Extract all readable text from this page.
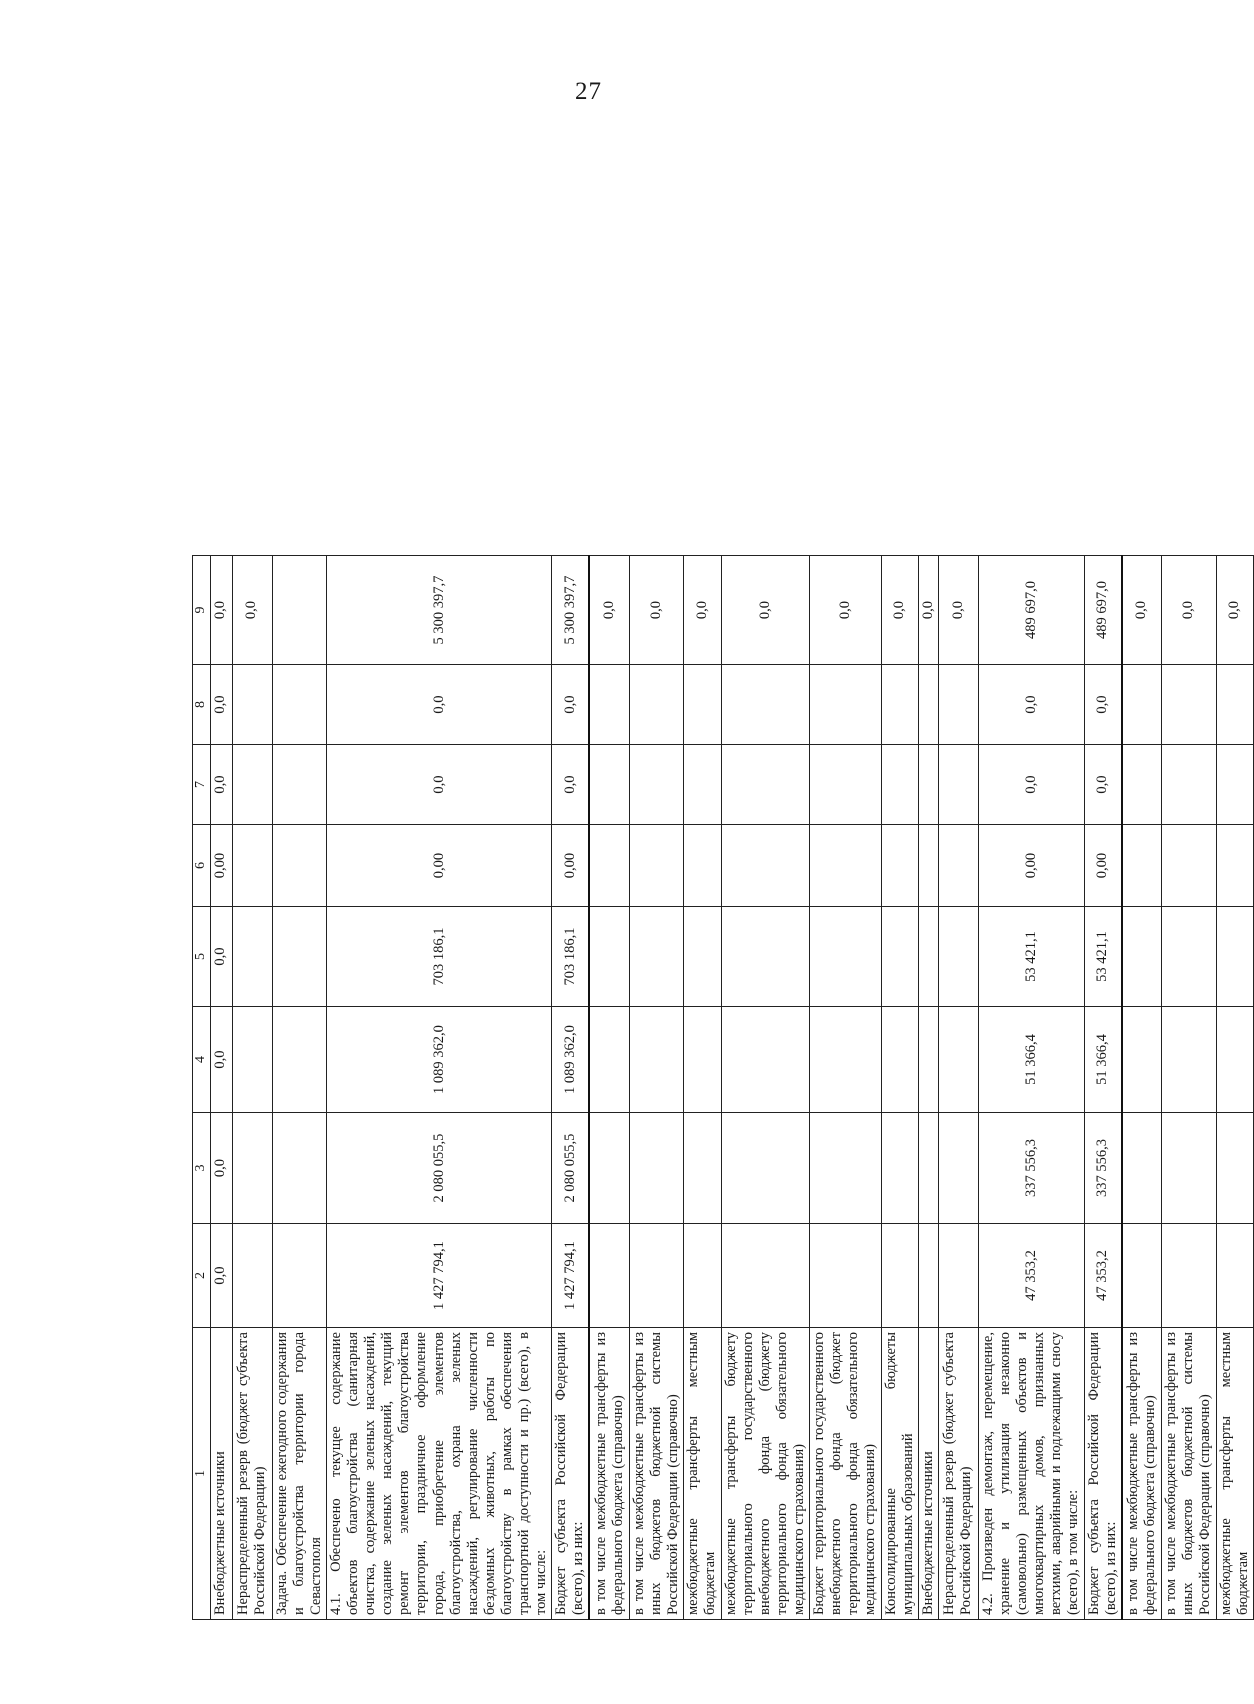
27
1	2	3	4	5	6	7	8	9
Внебюджетные источники	0,0	0,0	0,0	0,0	0,00	0,0	0,0	0,0
Нераспределенный резерв (бюджет субъекта Российской Федерации)								0,0
Задача. Обеспечение ежегодного содержания и благоустройства территории города Севастополя								
4.1. Обеспечено текущее содержание объектов благоустройства (санитарная очистка, содержание зеленых насаждений, создание зеленых насаждений, текущий ремонт элементов благоустройства территории, праздничное оформление города, приобретение элементов благоустройства, охрана зеленых насаждений, регулирование численности бездомных животных, работы по благоустройству в рамках обеспечения транспортной доступности и пр.) (всего), в том числе:	1 427 794,1	2 080 055,5	1 089 362,0	703 186,1	0,00	0,0	0,0	5 300 397,7
Бюджет субъекта Российской Федерации (всего), из них:	1 427 794,1	2 080 055,5	1 089 362,0	703 186,1	0,00	0,0	0,0	5 300 397,7
в том числе межбюджетные трансферты из федерального бюджета (справочно)								0,0
в том числе межбюджетные трансферты из иных бюджетов бюджетной системы Российской Федерации (справочно)								0,0
межбюджетные трансферты местным бюджетам								0,0
межбюджетные трансферты бюджету территориального государственного внебюджетного фонда (бюджету территориального фонда обязательного медицинского страхования)								0,0
Бюджет территориального государственного внебюджетного фонда (бюджет территориального фонда обязательного медицинского страхования)								0,0
Консолидированные бюджеты муниципальных образований								0,0
Внебюджетные источники								0,0
Нераспределенный резерв (бюджет субъекта Российской Федерации)								0,0
4.2. Произведен демонтаж, перемещение, хранение и утилизация незаконно (самовольно) размещенных объектов и многоквартирных домов, признанных ветхими, аварийными и подлежащими сносу (всего), в том числе:	47 353,2	337 556,3	51 366,4	53 421,1	0,00	0,0	0,0	489 697,0
Бюджет субъекта Российской Федерации (всего), из них:	47 353,2	337 556,3	51 366,4	53 421,1	0,00	0,0	0,0	489 697,0
в том числе межбюджетные трансферты из федерального бюджета (справочно)								0,0
в том числе межбюджетные трансферты из иных бюджетов бюджетной системы Российской Федерации (справочно)								0,0
межбюджетные трансферты местным бюджетам								0,0
